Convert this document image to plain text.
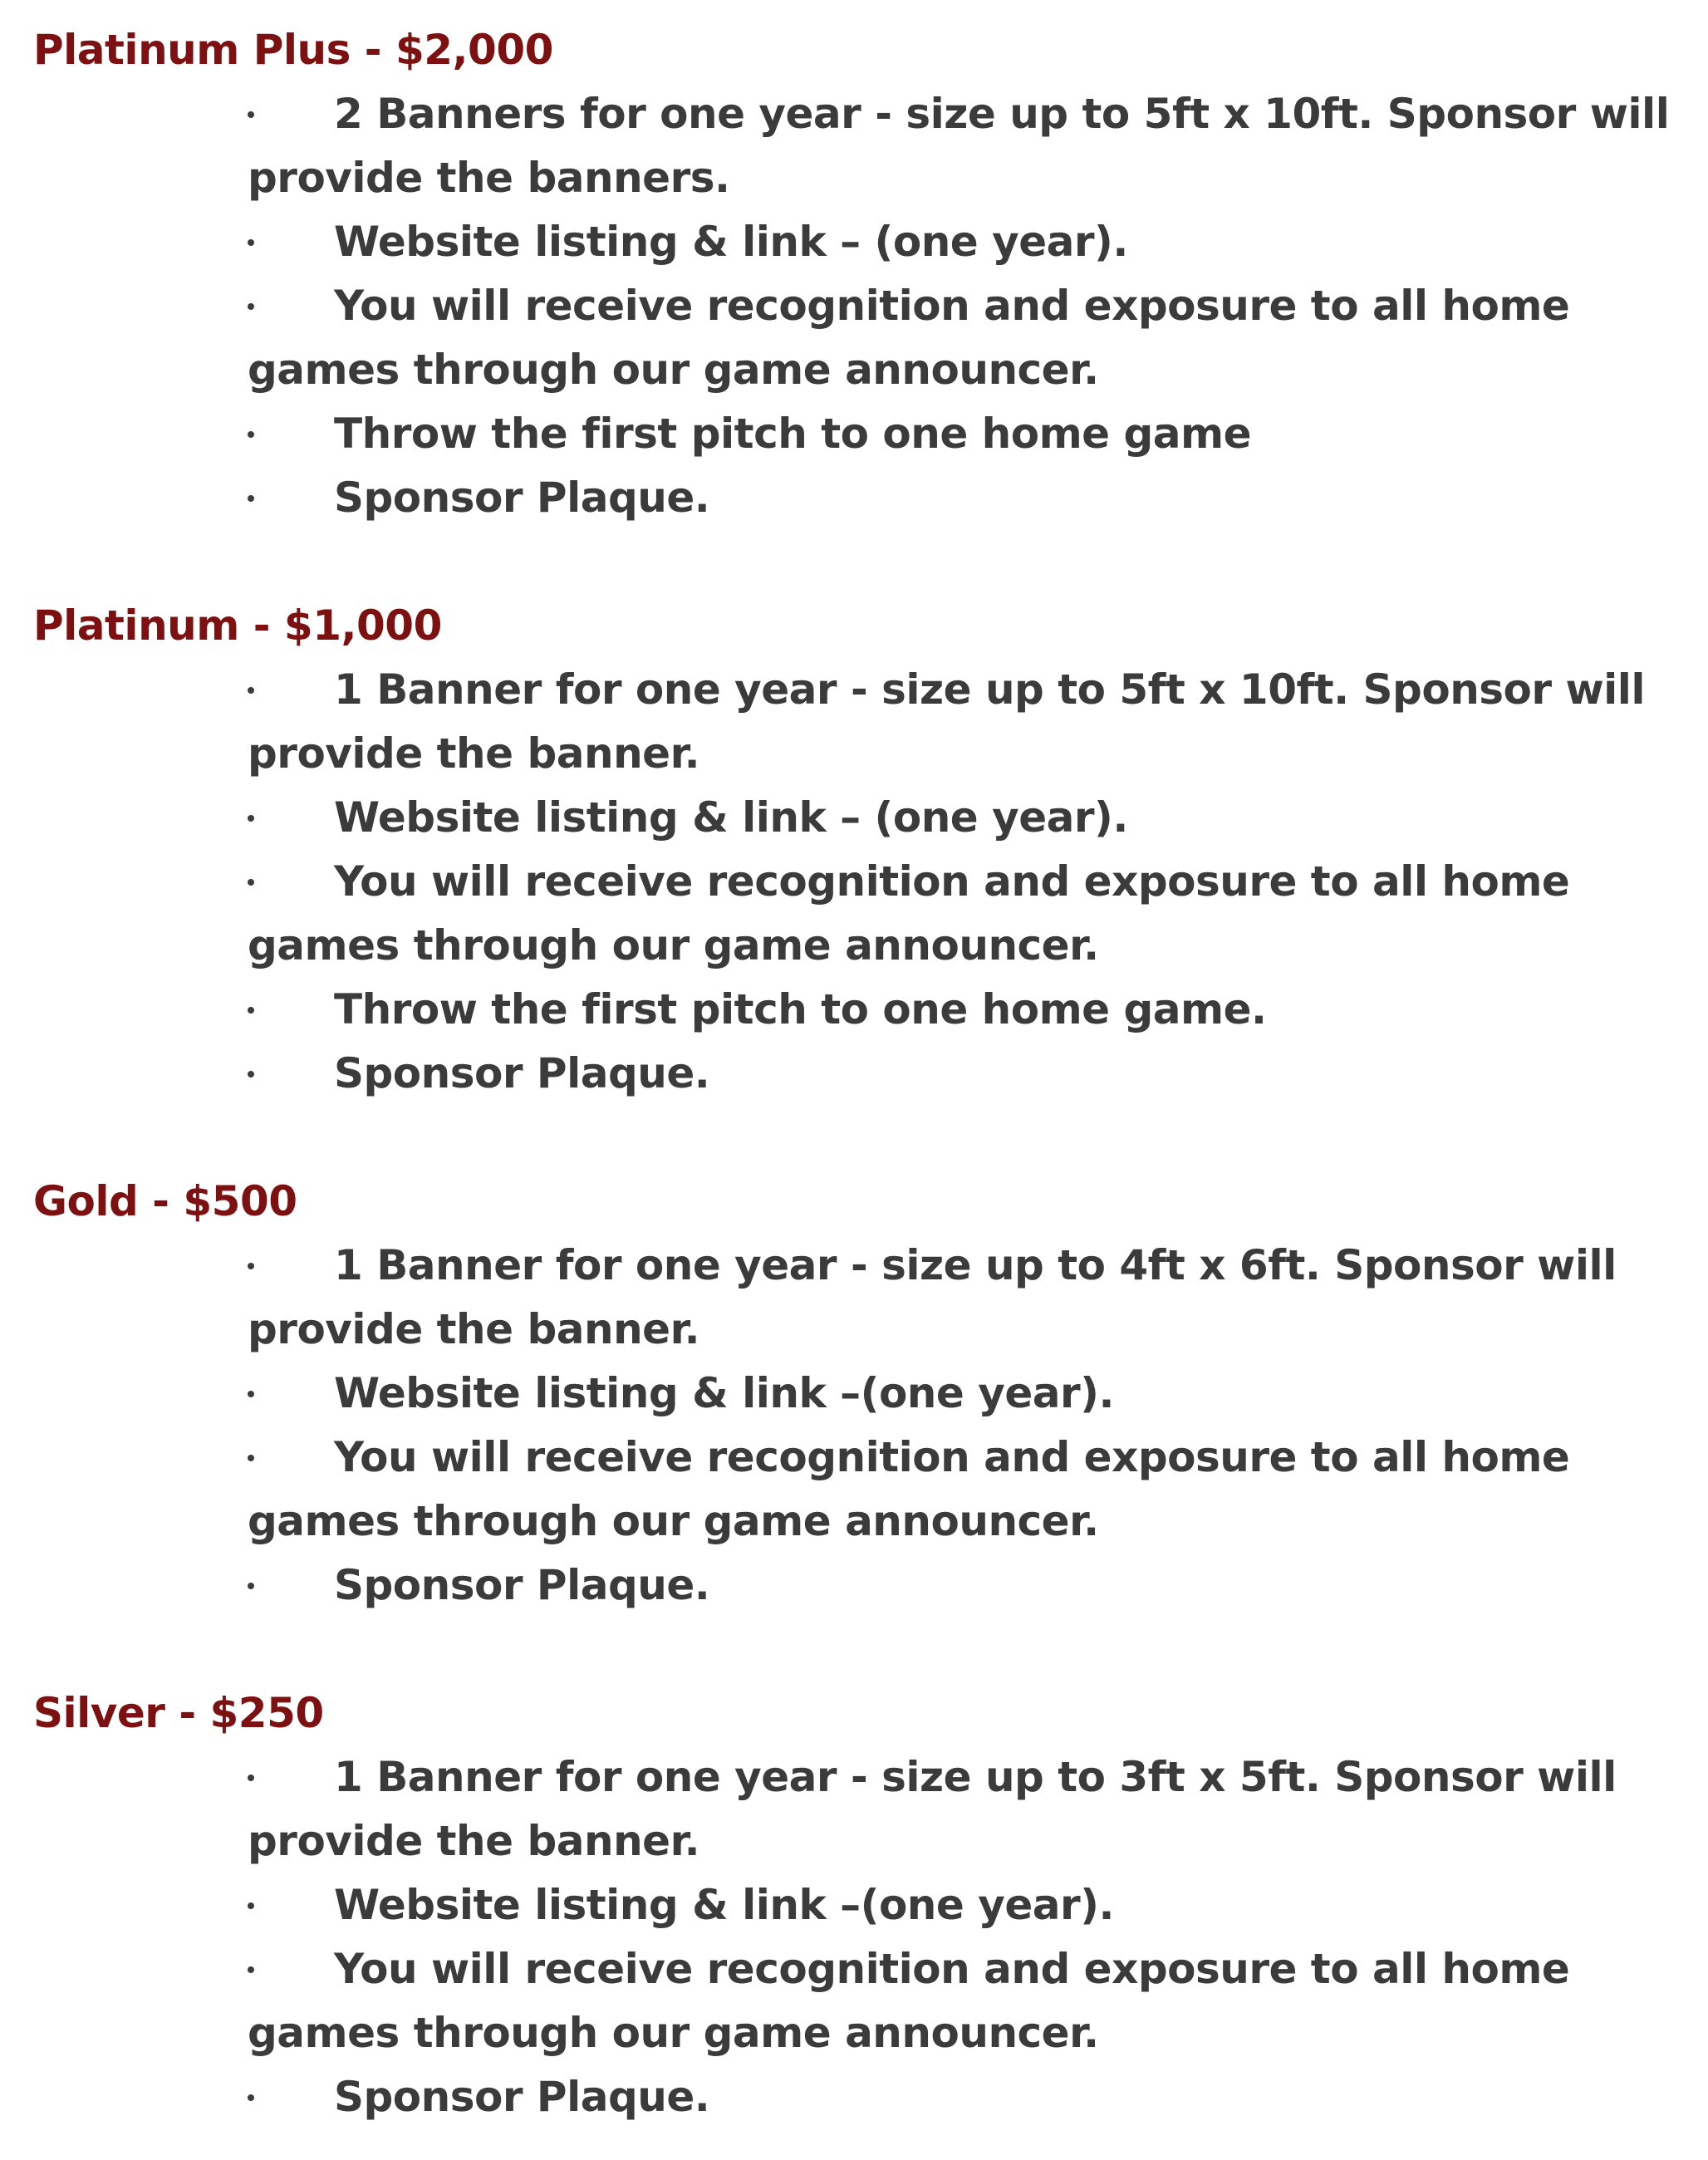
Platinum Plus - $2,000
2 Banners for one year - size up to 5ft x 10ft. Sponsor will provide the banners.
Website listing & link – (one year).
You will receive recognition and exposure to all home games through our game announcer.
Throw the first pitch to one home game
Sponsor Plaque.
Platinum - $1,000
1 Banner for one year - size up to 5ft x 10ft. Sponsor will provide the banner.
Website listing & link – (one year).
You will receive recognition and exposure to all home games through our game announcer.
Throw the first pitch to one home game.
Sponsor Plaque.
Gold - $500
1 Banner for one year - size up to 4ft x 6ft. Sponsor will provide the banner.
Website listing & link –(one year).
You will receive recognition and exposure to all home games through our game announcer.
Sponsor Plaque.
Silver - $250
1 Banner for one year - size up to 3ft x 5ft. Sponsor will provide the banner.
Website listing & link –(one year).
You will receive recognition and exposure to all home games through our game announcer.
Sponsor Plaque.
